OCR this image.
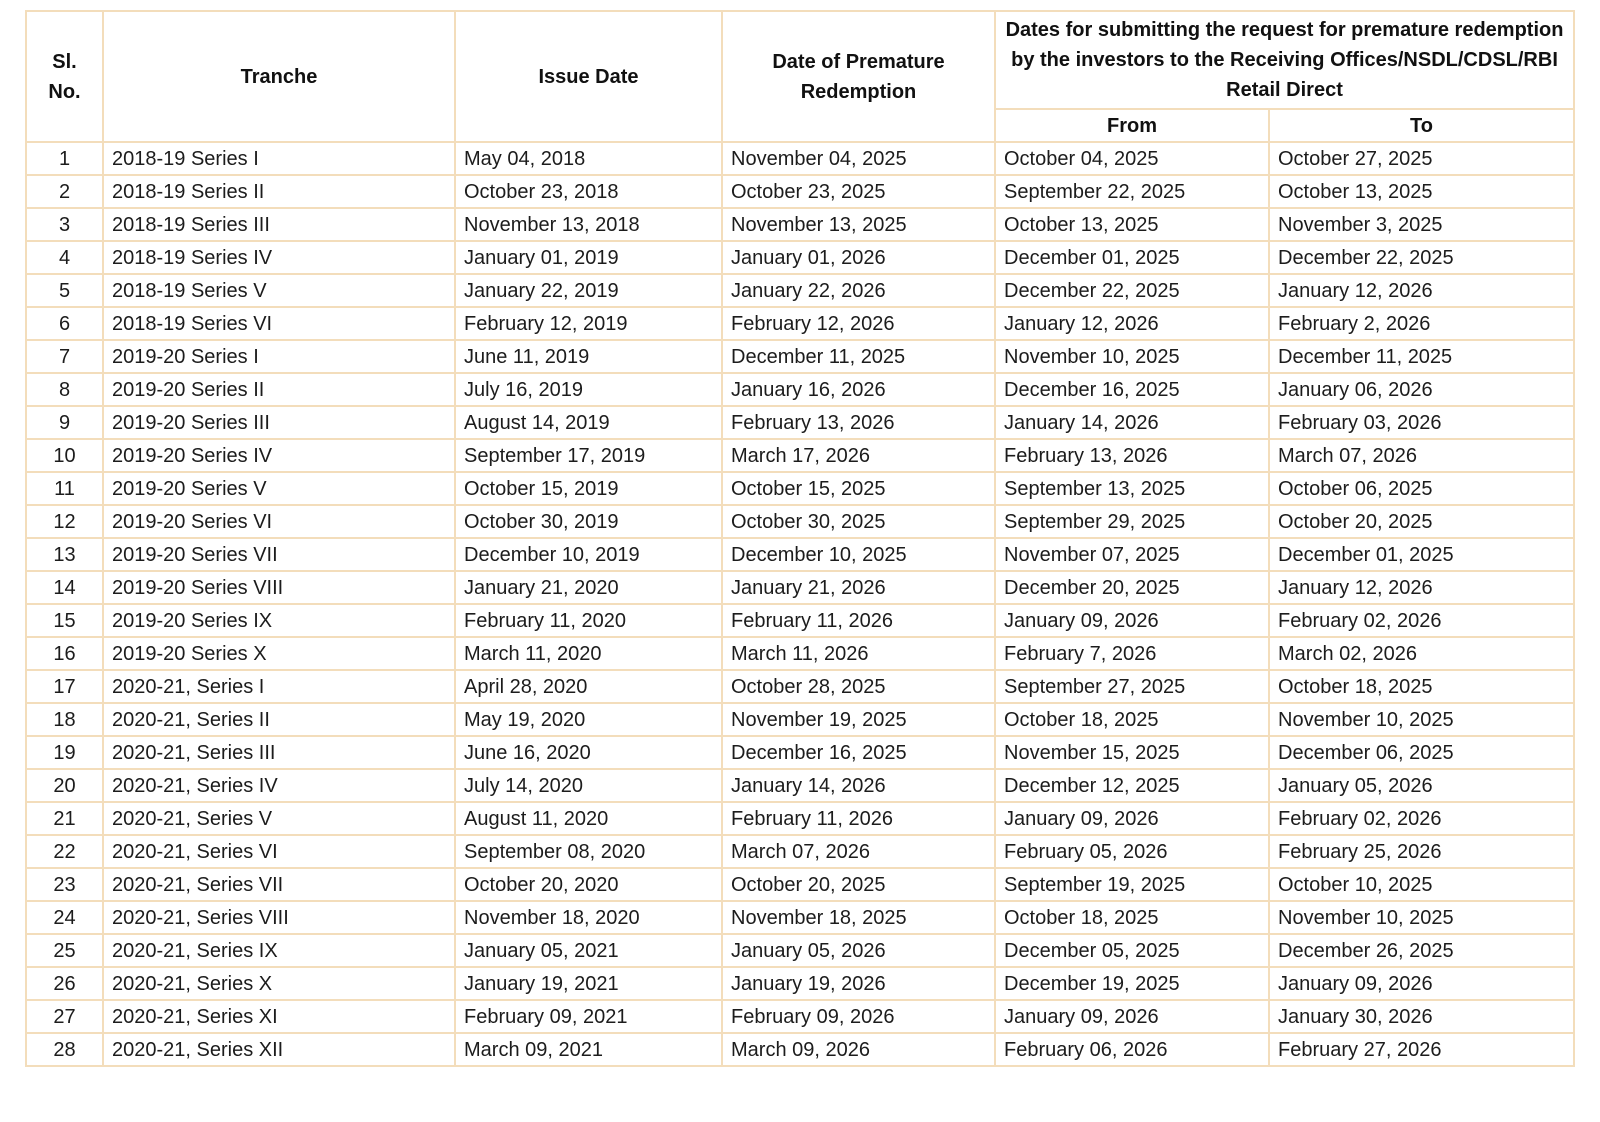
Sl. No.	Tranche	Issue Date	Date of Premature Redemption	Dates for submitting the request for premature redemption by the investors to the Receiving Offices/NSDL/CDSL/RBI Retail Direct	
				From	To
1	2018-19 Series I	May 04, 2018	November 04, 2025	October 04, 2025	October 27, 2025
2	2018-19 Series II	October 23, 2018	October 23, 2025	September 22, 2025	October 13, 2025
3	2018-19 Series III	November 13, 2018	November 13, 2025	October 13, 2025	November 3, 2025
4	2018-19 Series IV	January 01, 2019	January 01, 2026	December 01, 2025	December 22, 2025
5	2018-19 Series V	January 22, 2019	January 22, 2026	December 22, 2025	January 12, 2026
6	2018-19 Series VI	February 12, 2019	February 12, 2026	January 12, 2026	February 2, 2026
7	2019-20 Series I	June 11, 2019	December 11, 2025	November 10, 2025	December 11, 2025
8	2019-20 Series II	July 16, 2019	January 16, 2026	December 16, 2025	January 06, 2026
9	2019-20 Series III	August 14, 2019	February 13, 2026	January 14, 2026	February 03, 2026
10	2019-20 Series IV	September 17, 2019	March 17, 2026	February 13, 2026	March 07, 2026
11	2019-20 Series V	October 15, 2019	October 15, 2025	September 13, 2025	October 06, 2025
12	2019-20 Series VI	October 30, 2019	October 30, 2025	September 29, 2025	October 20, 2025
13	2019-20 Series VII	December 10, 2019	December 10, 2025	November 07, 2025	December 01, 2025
14	2019-20 Series VIII	January 21, 2020	January 21, 2026	December 20, 2025	January 12, 2026
15	2019-20 Series IX	February 11, 2020	February 11, 2026	January 09, 2026	February 02, 2026
16	2019-20 Series X	March 11, 2020	March 11, 2026	February 7, 2026	March 02, 2026
17	2020-21, Series I	April 28, 2020	October 28, 2025	September 27, 2025	October 18, 2025
18	2020-21, Series II	May 19, 2020	November 19, 2025	October 18, 2025	November 10, 2025
19	2020-21, Series III	June 16, 2020	December 16, 2025	November 15, 2025	December 06, 2025
20	2020-21, Series IV	July 14, 2020	January 14, 2026	December 12, 2025	January 05, 2026
21	2020-21, Series V	August 11, 2020	February 11, 2026	January 09, 2026	February 02, 2026
22	2020-21, Series VI	September 08, 2020	March 07, 2026	February 05, 2026	February 25, 2026
23	2020-21, Series VII	October 20, 2020	October 20, 2025	September 19, 2025	October 10, 2025
24	2020-21, Series VIII	November 18, 2020	November 18, 2025	October 18, 2025	November 10, 2025
25	2020-21, Series IX	January 05, 2021	January 05, 2026	December 05, 2025	December 26, 2025
26	2020-21, Series X	January 19, 2021	January 19, 2026	December 19, 2025	January 09, 2026
27	2020-21, Series XI	February 09, 2021	February 09, 2026	January 09, 2026	January 30, 2026
28	2020-21, Series XII	March 09, 2021	March 09, 2026	February 06, 2026	February 27, 2026
